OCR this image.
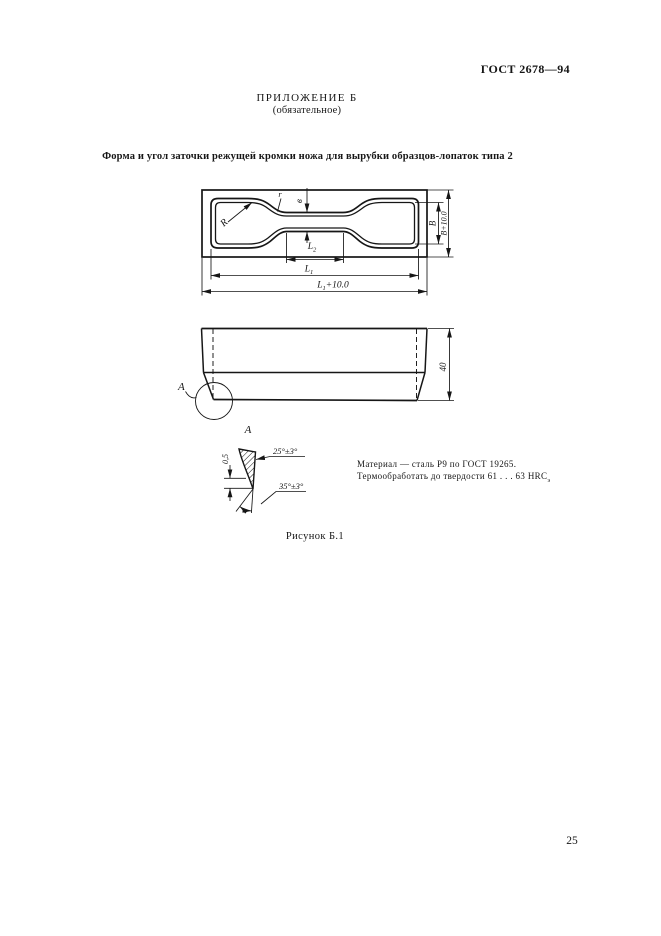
ГОСТ 2678—94
ПРИЛОЖЕНИЕ Б
(обязательное)
Форма и угол заточки режущей кромки ножа для вырубки образцов-лопаток типа 2
R
r
в
$L_2$
$L_1$
$L_1+10.0$
В В+10.0
40
А
А
25°±3°
35°±3°
0,5	Материал — сталь Р9 по ГОСТ 19265.
Термообработать до твердости 61 . . . 63 $HRC_э$
Рисунок Б.1
25
